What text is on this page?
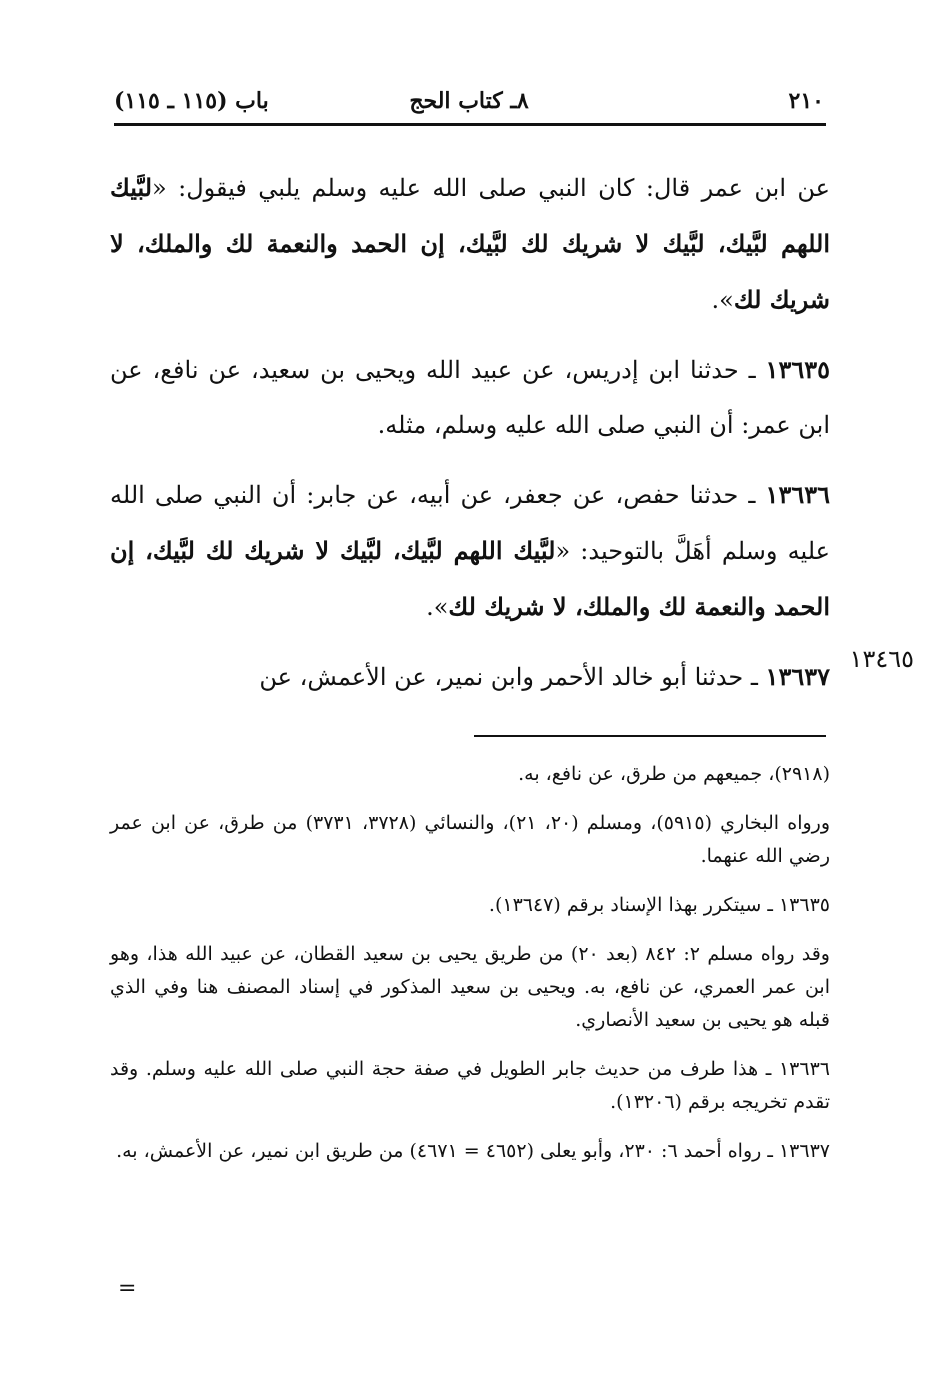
٢١٠
٨ـ كتاب الحج
باب (١١٥ ـ ١١٥)

عن ابن عمر قال: كان النبي صلى الله عليه وسلم يلبي فيقول: «لبَّيك اللهم لبَّيك، لبَّيك لا شريك لك لبَّيك، إن الحمد والنعمة لك والملك، لا شريك لك».

١٣٦٣٥ ـ حدثنا ابن إدريس، عن عبيد الله ويحيى بن سعيد، عن نافع، عن ابن عمر: أن النبي صلى الله عليه وسلم، مثله.

١٣٦٣٦ ـ حدثنا حفص، عن جعفر، عن أبيه، عن جابر: أن النبي صلى الله عليه وسلم أهَلَّ بالتوحيد: «لبَّيك اللهم لبَّيك، لبَّيك لا شريك لك لبَّيك، إن الحمد والنعمة لك والملك، لا شريك لك».

١٣٦٣٧ ـ حدثنا أبو خالد الأحمر وابن نمير، عن الأعمش، عن

١٣٤٦٥

(٢٩١٨)، جميعهم من طرق، عن نافع، به.

ورواه البخاري (٥٩١٥)، ومسلم (٢٠، ٢١)، والنسائي (٣٧٢٨، ٣٧٣١) من طرق، عن ابن عمر رضي الله عنهما.

١٣٦٣٥ ـ سيتكرر بهذا الإسناد برقم (١٣٦٤٧).

وقد رواه مسلم ٢: ٨٤٢ (بعد ٢٠) من طريق يحيى بن سعيد القطان، عن عبيد الله هذا، وهو ابن عمر العمري، عن نافع، به. ويحيى بن سعيد المذكور في إسناد المصنف هنا وفي الذي قبله هو يحيى بن سعيد الأنصاري.

١٣٦٣٦ ـ هذا طرف من حديث جابر الطويل في صفة حجة النبي صلى الله عليه وسلم. وقد تقدم تخريجه برقم (١٣٢٠٦).

١٣٦٣٧ ـ رواه أحمد ٦: ٢٣٠، وأبو يعلى (٤٦٥٢ = ٤٦٧١) من طريق ابن نمير، عن الأعمش، به.

=
